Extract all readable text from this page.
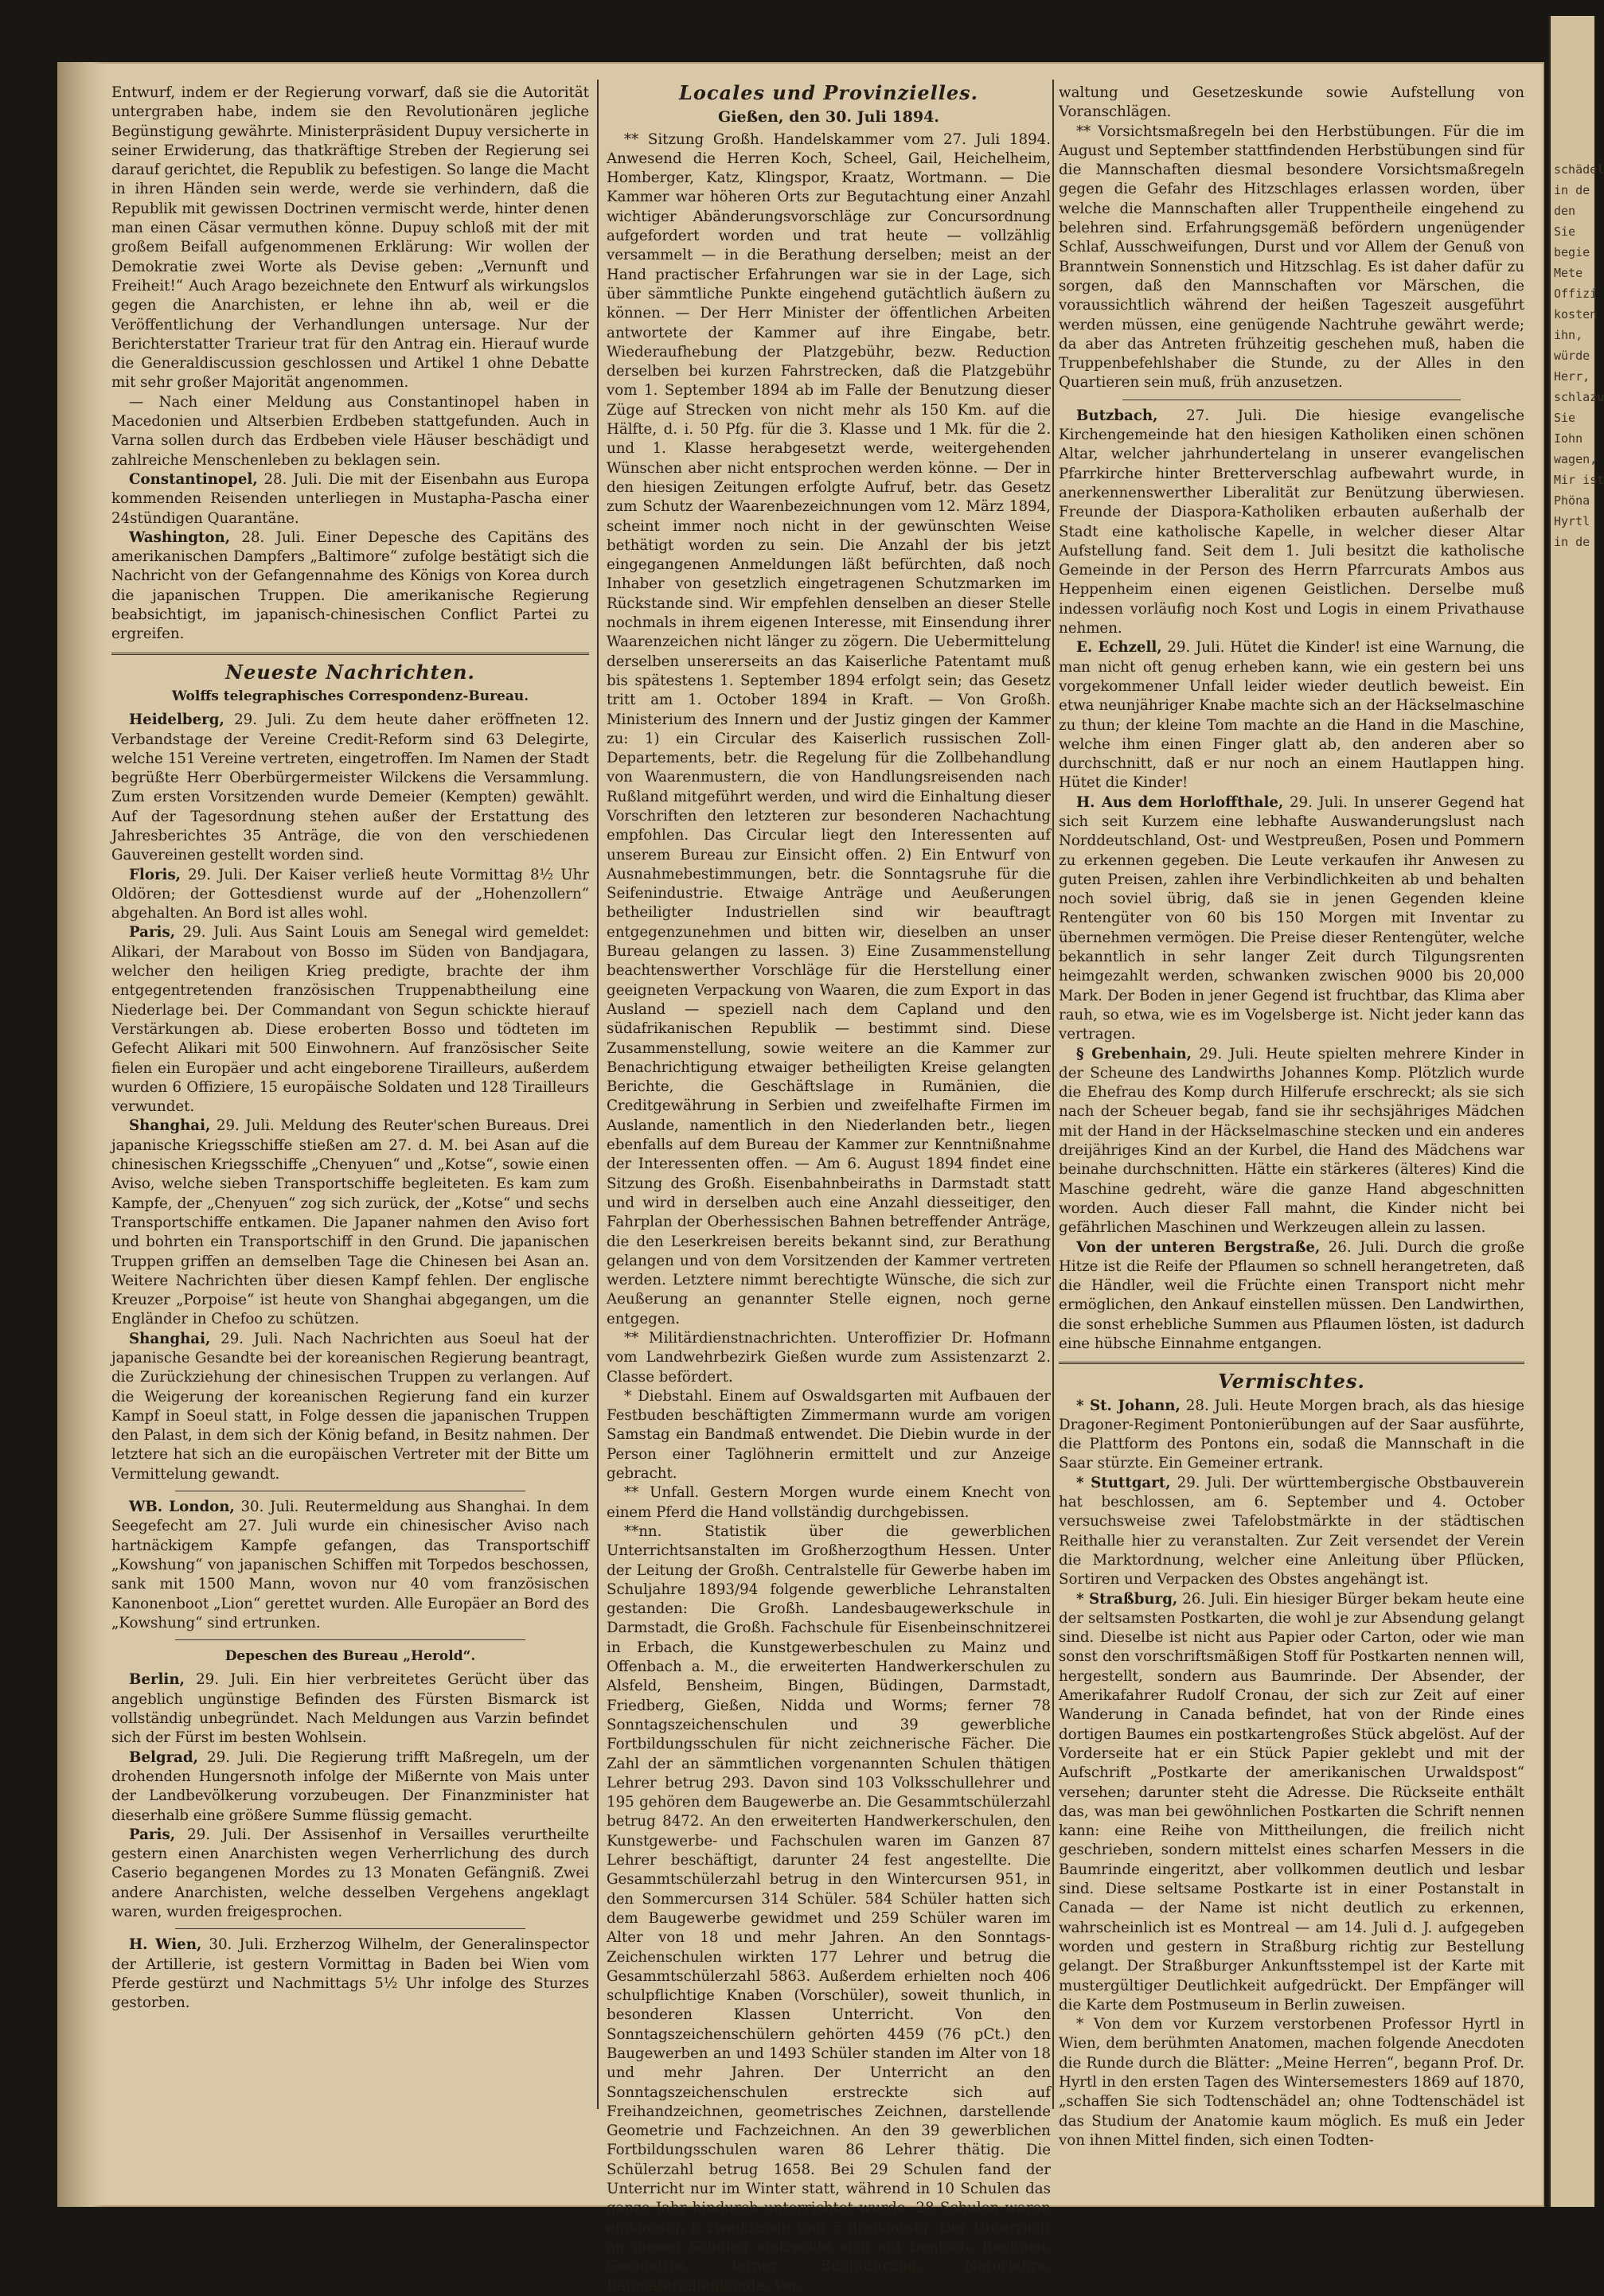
schädel
in de
den
Sie
begie
Mete
Offizi
kosten
ihn,
würde
Herr,
schlazu
Sie
Iohn
wagen,
Mir ist
Phöna
Hyrtl
in de

Entwurf, indem er der Regierung vorwarf, daß sie die Autorität untergraben habe, indem sie den Revolutionären jegliche Begünstigung gewährte. Ministerpräsident Dupuy versicherte in seiner Erwiderung, das thatkräftige Streben der Regierung sei darauf gerichtet, die Republik zu befestigen. So lange die Macht in ihren Händen sein werde, werde sie verhindern, daß die Republik mit gewissen Doctrinen vermischt werde, hinter denen man einen Cäsar vermuthen könne. Dupuy schloß mit der mit großem Beifall aufgenommenen Erklärung: Wir wollen der Demokratie zwei Worte als Devise geben: „Vernunft und Freiheit!“ Auch Arago bezeichnete den Entwurf als wirkungslos gegen die Anarchisten, er lehne ihn ab, weil er die Veröffentlichung der Verhandlungen untersage. Nur der Berichterstatter Trarieur trat für den Antrag ein. Hierauf wurde die Generaldiscussion geschlossen und Artikel 1 ohne Debatte mit sehr großer Majorität angenommen.

— Nach einer Meldung aus Constantinopel haben in Macedonien und Altserbien Erdbeben stattgefunden. Auch in Varna sollen durch das Erdbeben viele Häuser beschädigt und zahlreiche Menschenleben zu beklagen sein.

Constantinopel, 28. Juli. Die mit der Eisenbahn aus Europa kommenden Reisenden unterliegen in Mustapha-Pascha einer 24stündigen Quarantäne.

Washington, 28. Juli. Einer Depesche des Capitäns des amerikanischen Dampfers „Baltimore“ zufolge bestätigt sich die Nachricht von der Gefangennahme des Königs von Korea durch die japanischen Truppen. Die amerikanische Regierung beabsichtigt, im japanisch-chinesischen Conflict Partei zu ergreifen.

Neueste Nachrichten.
Wolffs telegraphisches Correspondenz-Bureau.

Heidelberg, 29. Juli. Zu dem heute daher eröffneten 12. Verbandstage der Vereine Credit-Reform sind 63 Delegirte, welche 151 Vereine vertreten, eingetroffen. Im Namen der Stadt begrüßte Herr Oberbürgermeister Wilckens die Versammlung. Zum ersten Vorsitzenden wurde Demeier (Kempten) gewählt. Auf der Tagesordnung stehen außer der Erstattung des Jahresberichtes 35 Anträge, die von den verschiedenen Gauvereinen gestellt worden sind.

Floris, 29. Juli. Der Kaiser verließ heute Vormittag 8½ Uhr Oldören; der Gottesdienst wurde auf der „Hohenzollern“ abgehalten. An Bord ist alles wohl.

Paris, 29. Juli. Aus Saint Louis am Senegal wird gemeldet: Alikari, der Marabout von Bosso im Süden von Bandjagara, welcher den heiligen Krieg predigte, brachte der ihm entgegentretenden französischen Truppenabtheilung eine Niederlage bei. Der Commandant von Segun schickte hierauf Verstärkungen ab. Diese eroberten Bosso und tödteten im Gefecht Alikari mit 500 Einwohnern. Auf französischer Seite fielen ein Europäer und acht eingeborene Tirailleurs, außerdem wurden 6 Offiziere, 15 europäische Soldaten und 128 Tirailleurs verwundet.

Shanghai, 29. Juli. Meldung des Reuter'schen Bureaus. Drei japanische Kriegsschiffe stießen am 27. d. M. bei Asan auf die chinesischen Kriegsschiffe „Chenyuen“ und „Kotse“, sowie einen Aviso, welche sieben Transportschiffe begleiteten. Es kam zum Kampfe, der „Chenyuen“ zog sich zurück, der „Kotse“ und sechs Transportschiffe entkamen. Die Japaner nahmen den Aviso fort und bohrten ein Transportschiff in den Grund. Die japanischen Truppen griffen an demselben Tage die Chinesen bei Asan an. Weitere Nachrichten über diesen Kampf fehlen. Der englische Kreuzer „Porpoise“ ist heute von Shanghai abgegangen, um die Engländer in Chefoo zu schützen.

Shanghai, 29. Juli. Nach Nachrichten aus Soeul hat der japanische Gesandte bei der koreanischen Regierung beantragt, die Zurückziehung der chinesischen Truppen zu verlangen. Auf die Weigerung der koreanischen Regierung fand ein kurzer Kampf in Soeul statt, in Folge dessen die japanischen Truppen den Palast, in dem sich der König befand, in Besitz nahmen. Der letztere hat sich an die europäischen Vertreter mit der Bitte um Vermittelung gewandt.

WB. London, 30. Juli. Reutermeldung aus Shanghai. In dem Seegefecht am 27. Juli wurde ein chinesischer Aviso nach hartnäckigem Kampfe gefangen, das Transportschiff „Kowshung“ von japanischen Schiffen mit Torpedos beschossen, sank mit 1500 Mann, wovon nur 40 vom französischen Kanonenboot „Lion“ gerettet wurden. Alle Europäer an Bord des „Kowshung“ sind ertrunken.

Depeschen des Bureau „Herold“.

Berlin, 29. Juli. Ein hier verbreitetes Gerücht über das angeblich ungünstige Befinden des Fürsten Bismarck ist vollständig unbegründet. Nach Meldungen aus Varzin befindet sich der Fürst im besten Wohlsein.

Belgrad, 29. Juli. Die Regierung trifft Maßregeln, um der drohenden Hungersnoth infolge der Mißernte von Mais unter der Landbevölkerung vorzubeugen. Der Finanzminister hat dieserhalb eine größere Summe flüssig gemacht.

Paris, 29. Juli. Der Assisenhof in Versailles verurtheilte gestern einen Anarchisten wegen Verherrlichung des durch Caserio begangenen Mordes zu 13 Monaten Gefängniß. Zwei andere Anarchisten, welche desselben Vergehens angeklagt waren, wurden freigesprochen.

H. Wien, 30. Juli. Erzherzog Wilhelm, der Generalinspector der Artillerie, ist gestern Vormittag in Baden bei Wien vom Pferde gestürzt und Nachmittags 5½ Uhr infolge des Sturzes gestorben.

Locales und Provinzielles.
Gießen, den 30. Juli 1894.

** Sitzung Großh. Handelskammer vom 27. Juli 1894. Anwesend die Herren Koch, Scheel, Gail, Heichelheim, Homberger, Katz, Klingspor, Kraatz, Wortmann. — Die Kammer war höheren Orts zur Begutachtung einer Anzahl wichtiger Abänderungsvorschläge zur Concursordnung aufgefordert worden und trat heute — vollzählig versammelt — in die Berathung derselben; meist an der Hand practischer Erfahrungen war sie in der Lage, sich über sämmtliche Punkte eingehend gutächtlich äußern zu können. — Der Herr Minister der öffentlichen Arbeiten antwortete der Kammer auf ihre Eingabe, betr. Wiederaufhebung der Platzgebühr, bezw. Reduction derselben bei kurzen Fahrstrecken, daß die Platzgebühr vom 1. September 1894 ab im Falle der Benutzung dieser Züge auf Strecken von nicht mehr als 150 Km. auf die Hälfte, d. i. 50 Pfg. für die 3. Klasse und 1 Mk. für die 2. und 1. Klasse herabgesetzt werde, weitergehenden Wünschen aber nicht entsprochen werden könne. — Der in den hiesigen Zeitungen erfolgte Aufruf, betr. das Gesetz zum Schutz der Waarenbezeichnungen vom 12. März 1894, scheint immer noch nicht in der gewünschten Weise bethätigt worden zu sein. Die Anzahl der bis jetzt eingegangenen Anmeldungen läßt befürchten, daß noch Inhaber von gesetzlich eingetragenen Schutzmarken im Rückstande sind. Wir empfehlen denselben an dieser Stelle nochmals in ihrem eigenen Interesse, mit Einsendung ihrer Waarenzeichen nicht länger zu zögern. Die Uebermittelung derselben unsererseits an das Kaiserliche Patentamt muß bis spätestens 1. September 1894 erfolgt sein; das Gesetz tritt am 1. October 1894 in Kraft. — Von Großh. Ministerium des Innern und der Justiz gingen der Kammer zu: 1) ein Circular des Kaiserlich russischen Zoll-Departements, betr. die Regelung für die Zollbehandlung von Waarenmustern, die von Handlungsreisenden nach Rußland mitgeführt werden, und wird die Einhaltung dieser Vorschriften den letzteren zur besonderen Nachachtung empfohlen. Das Circular liegt den Interessenten auf unserem Bureau zur Einsicht offen. 2) Ein Entwurf von Ausnahmebestimmungen, betr. die Sonntagsruhe für die Seifenindustrie. Etwaige Anträge und Aeußerungen betheiligter Industriellen sind wir beauftragt entgegenzunehmen und bitten wir, dieselben an unser Bureau gelangen zu lassen. 3) Eine Zusammenstellung beachtenswerther Vorschläge für die Herstellung einer geeigneten Verpackung von Waaren, die zum Export in das Ausland — speziell nach dem Capland und den südafrikanischen Republik — bestimmt sind. Diese Zusammenstellung, sowie weitere an die Kammer zur Benachrichtigung etwaiger betheiligten Kreise gelangten Berichte, die Geschäftslage in Rumänien, die Creditgewährung in Serbien und zweifelhafte Firmen im Auslande, namentlich in den Niederlanden betr., liegen ebenfalls auf dem Bureau der Kammer zur Kenntnißnahme der Interessenten offen. — Am 6. August 1894 findet eine Sitzung des Großh. Eisenbahnbeiraths in Darmstadt statt und wird in derselben auch eine Anzahl diesseitiger, den Fahrplan der Oberhessischen Bahnen betreffender Anträge, die den Leserkreisen bereits bekannt sind, zur Berathung gelangen und von dem Vorsitzenden der Kammer vertreten werden. Letztere nimmt berechtigte Wünsche, die sich zur Aeußerung an genannter Stelle eignen, noch gerne entgegen.

** Militärdienstnachrichten. Unteroffizier Dr. Hofmann vom Landwehrbezirk Gießen wurde zum Assistenzarzt 2. Classe befördert.

* Diebstahl. Einem auf Oswaldsgarten mit Aufbauen der Festbuden beschäftigten Zimmermann wurde am vorigen Samstag ein Bandmaß entwendet. Die Diebin wurde in der Person einer Taglöhnerin ermittelt und zur Anzeige gebracht.

** Unfall. Gestern Morgen wurde einem Knecht von einem Pferd die Hand vollständig durchgebissen.

**nn. Statistik über die gewerblichen Unterrichtsanstalten im Großherzogthum Hessen. Unter der Leitung der Großh. Centralstelle für Gewerbe haben im Schuljahre 1893/94 folgende gewerbliche Lehranstalten gestanden: Die Großh. Landesbaugewerkschule in Darmstadt, die Großh. Fachschule für Eisenbeinschnitzerei in Erbach, die Kunstgewerbeschulen zu Mainz und Offenbach a. M., die erweiterten Handwerkerschulen zu Alsfeld, Bensheim, Bingen, Büdingen, Darmstadt, Friedberg, Gießen, Nidda und Worms; ferner 78 Sonntagszeichenschulen und 39 gewerbliche Fortbildungsschulen für nicht zeichnerische Fächer. Die Zahl der an sämmtlichen vorgenannten Schulen thätigen Lehrer betrug 293. Davon sind 103 Volksschullehrer und 195 gehören dem Baugewerbe an. Die Gesammtschülerzahl betrug 8472. An den erweiterten Handwerkerschulen, den Kunstgewerbe- und Fachschulen waren im Ganzen 87 Lehrer beschäftigt, darunter 24 fest angestellte. Die Gesammtschülerzahl betrug in den Wintercursen 951, in den Sommercursen 314 Schüler. 584 Schüler hatten sich dem Baugewerbe gewidmet und 259 Schüler waren im Alter von 18 und mehr Jahren. An den Sonntags-Zeichenschulen wirkten 177 Lehrer und betrug die Gesammtschülerzahl 5863. Außerdem erhielten noch 406 schulpflichtige Knaben (Vorschüler), soweit thunlich, in besonderen Klassen Unterricht. Von den Sonntagszeichenschülern gehörten 4459 (76 pCt.) den Baugewerben an und 1493 Schüler standen im Alter von 18 und mehr Jahren. Der Unterricht an den Sonntagszeichenschulen erstreckte sich auf Freihandzeichnen, geometrisches Zeichnen, darstellende Geometrie und Fachzeichnen. An den 39 gewerblichen Fortbildungsschulen waren 86 Lehrer thätig. Die Schülerzahl betrug 1658. Bei 29 Schulen fand der Unterricht nur im Winter statt, während in 10 Schulen das ganze Jahr hindurch unterrichtet wurde. 28 Schulen waren einklassig, 6 zweiklassig und 5 dreiklassig. Der Unterricht an diesen Schulen erstreckte sich auf Deutsch, Rechnen, Geometrie, ferner Buchführung, Naturlehre, Baumaterialienkunde, Ver-

waltung und Gesetzeskunde sowie Aufstellung von Voranschlägen.

** Vorsichtsmaßregeln bei den Herbstübungen. Für die im August und September stattfindenden Herbstübungen sind für die Mannschaften diesmal besondere Vorsichtsmaßregeln gegen die Gefahr des Hitzschlages erlassen worden, über welche die Mannschaften aller Truppentheile eingehend zu belehren sind. Erfahrungsgemäß befördern ungenügender Schlaf, Ausschweifungen, Durst und vor Allem der Genuß von Branntwein Sonnenstich und Hitzschlag. Es ist daher dafür zu sorgen, daß den Mannschaften vor Märschen, die voraussichtlich während der heißen Tageszeit ausgeführt werden müssen, eine genügende Nachtruhe gewährt werde; da aber das Antreten frühzeitig geschehen muß, haben die Truppenbefehlshaber die Stunde, zu der Alles in den Quartieren sein muß, früh anzusetzen.

Butzbach, 27. Juli. Die hiesige evangelische Kirchengemeinde hat den hiesigen Katholiken einen schönen Altar, welcher jahrhundertelang in unserer evangelischen Pfarrkirche hinter Bretterverschlag aufbewahrt wurde, in anerkennenswerther Liberalität zur Benützung überwiesen. Freunde der Diaspora-Katholiken erbauten außerhalb der Stadt eine katholische Kapelle, in welcher dieser Altar Aufstellung fand. Seit dem 1. Juli besitzt die katholische Gemeinde in der Person des Herrn Pfarrcurats Ambos aus Heppenheim einen eigenen Geistlichen. Derselbe muß indessen vorläufig noch Kost und Logis in einem Privathause nehmen.

E. Echzell, 29. Juli. Hütet die Kinder! ist eine Warnung, die man nicht oft genug erheben kann, wie ein gestern bei uns vorgekommener Unfall leider wieder deutlich beweist. Ein etwa neunjähriger Knabe machte sich an der Häckselmaschine zu thun; der kleine Tom machte an die Hand in die Maschine, welche ihm einen Finger glatt ab, den anderen aber so durchschnitt, daß er nur noch an einem Hautlappen hing. Hütet die Kinder!

H. Aus dem Horloffthale, 29. Juli. In unserer Gegend hat sich seit Kurzem eine lebhafte Auswanderungslust nach Norddeutschland, Ost- und Westpreußen, Posen und Pommern zu erkennen gegeben. Die Leute verkaufen ihr Anwesen zu guten Preisen, zahlen ihre Verbindlichkeiten ab und behalten noch soviel übrig, daß sie in jenen Gegenden kleine Rentengüter von 60 bis 150 Morgen mit Inventar zu übernehmen vermögen. Die Preise dieser Rentengüter, welche bekanntlich in sehr langer Zeit durch Tilgungsrenten heimgezahlt werden, schwanken zwischen 9000 bis 20,000 Mark. Der Boden in jener Gegend ist fruchtbar, das Klima aber rauh, so etwa, wie es im Vogelsberge ist. Nicht jeder kann das vertragen.

§ Grebenhain, 29. Juli. Heute spielten mehrere Kinder in der Scheune des Landwirths Johannes Komp. Plötzlich wurde die Ehefrau des Komp durch Hilferufe erschreckt; als sie sich nach der Scheuer begab, fand sie ihr sechsjähriges Mädchen mit der Hand in der Häckselmaschine stecken und ein anderes dreijähriges Kind an der Kurbel, die Hand des Mädchens war beinahe durchschnitten. Hätte ein stärkeres (älteres) Kind die Maschine gedreht, wäre die ganze Hand abgeschnitten worden. Auch dieser Fall mahnt, die Kinder nicht bei gefährlichen Maschinen und Werkzeugen allein zu lassen.

Von der unteren Bergstraße, 26. Juli. Durch die große Hitze ist die Reife der Pflaumen so schnell herangetreten, daß die Händler, weil die Früchte einen Transport nicht mehr ermöglichen, den Ankauf einstellen müssen. Den Landwirthen, die sonst erhebliche Summen aus Pflaumen lösten, ist dadurch eine hübsche Einnahme entgangen.

Vermischtes.

* St. Johann, 28. Juli. Heute Morgen brach, als das hiesige Dragoner-Regiment Pontonierübungen auf der Saar ausführte, die Plattform des Pontons ein, sodaß die Mannschaft in die Saar stürzte. Ein Gemeiner ertrank.

* Stuttgart, 29. Juli. Der württembergische Obstbauverein hat beschlossen, am 6. September und 4. October versuchsweise zwei Tafelobstmärkte in der städtischen Reithalle hier zu veranstalten. Zur Zeit versendet der Verein die Marktordnung, welcher eine Anleitung über Pflücken, Sortiren und Verpacken des Obstes angehängt ist.

* Straßburg, 26. Juli. Ein hiesiger Bürger bekam heute eine der seltsamsten Postkarten, die wohl je zur Absendung gelangt sind. Dieselbe ist nicht aus Papier oder Carton, oder wie man sonst den vorschriftsmäßigen Stoff für Postkarten nennen will, hergestellt, sondern aus Baumrinde. Der Absender, der Amerikafahrer Rudolf Cronau, der sich zur Zeit auf einer Wanderung in Canada befindet, hat von der Rinde eines dortigen Baumes ein postkartengroßes Stück abgelöst. Auf der Vorderseite hat er ein Stück Papier geklebt und mit der Aufschrift „Postkarte der amerikanischen Urwaldspost“ versehen; darunter steht die Adresse. Die Rückseite enthält das, was man bei gewöhnlichen Postkarten die Schrift nennen kann: eine Reihe von Mittheilungen, die freilich nicht geschrieben, sondern mittelst eines scharfen Messers in die Baumrinde eingeritzt, aber vollkommen deutlich und lesbar sind. Diese seltsame Postkarte ist in einer Postanstalt in Canada — der Name ist nicht deutlich zu erkennen, wahrscheinlich ist es Montreal — am 14. Juli d. J. aufgegeben worden und gestern in Straßburg richtig zur Bestellung gelangt. Der Straßburger Ankunftsstempel ist der Karte mit mustergültiger Deutlichkeit aufgedrückt. Der Empfänger will die Karte dem Postmuseum in Berlin zuweisen.

* Von dem vor Kurzem verstorbenen Professor Hyrtl in Wien, dem berühmten Anatomen, machen folgende Anecdoten die Runde durch die Blätter: „Meine Herren“, begann Prof. Dr. Hyrtl in den ersten Tagen des Wintersemesters 1869 auf 1870, „schaffen Sie sich Todtenschädel an; ohne Todtenschädel ist das Studium der Anatomie kaum möglich. Es muß ein Jeder von ihnen Mittel finden, sich einen Todten-
